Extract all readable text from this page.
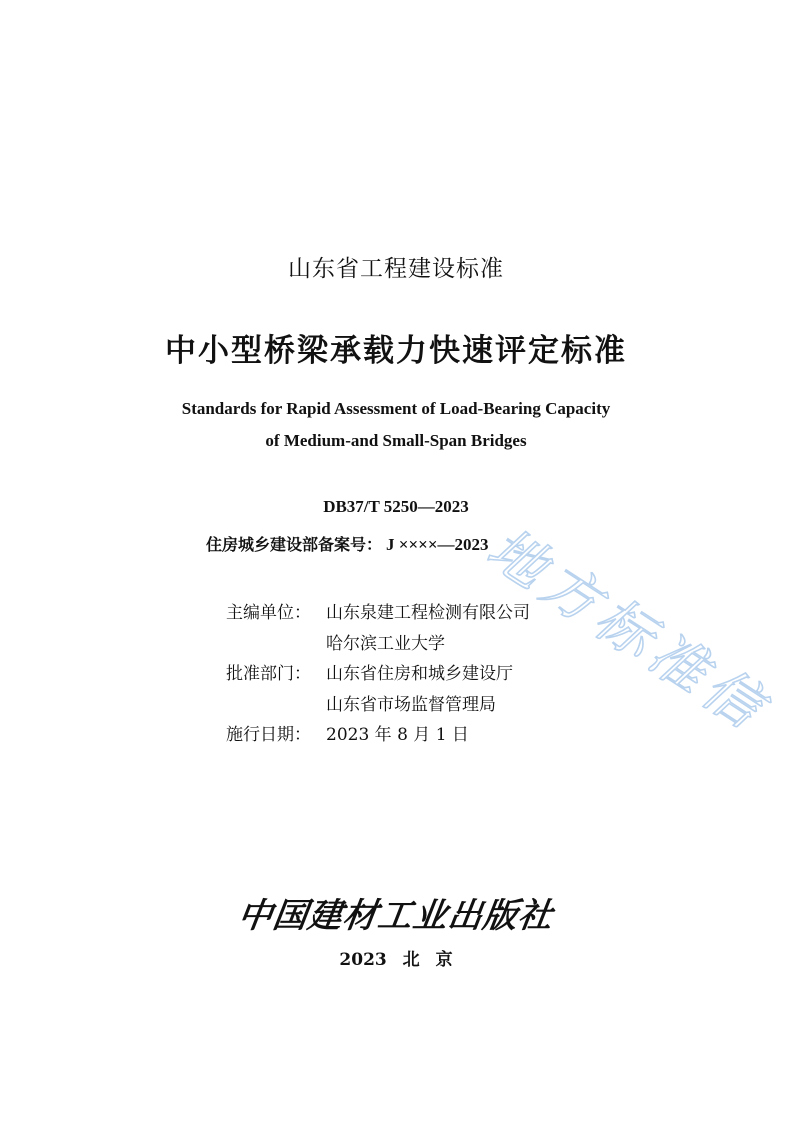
山东省工程建设标准
中小型桥梁承载力快速评定标准
Standards for Rapid Assessment of Load-Bearing Capacity
of Medium-and Small-Span Bridges
DB37/T 5250—2023
住房城乡建设部备案号： J ××××—2023
主编单位： 山东泉建工程检测有限公司
哈尔滨工业大学
批准部门： 山东省住房和城乡建设厅
山东省市场监督管理局
施行日期： 2023 年 8 月 1 日
中国建材工业出版社
2023 北 京
地方标准信
